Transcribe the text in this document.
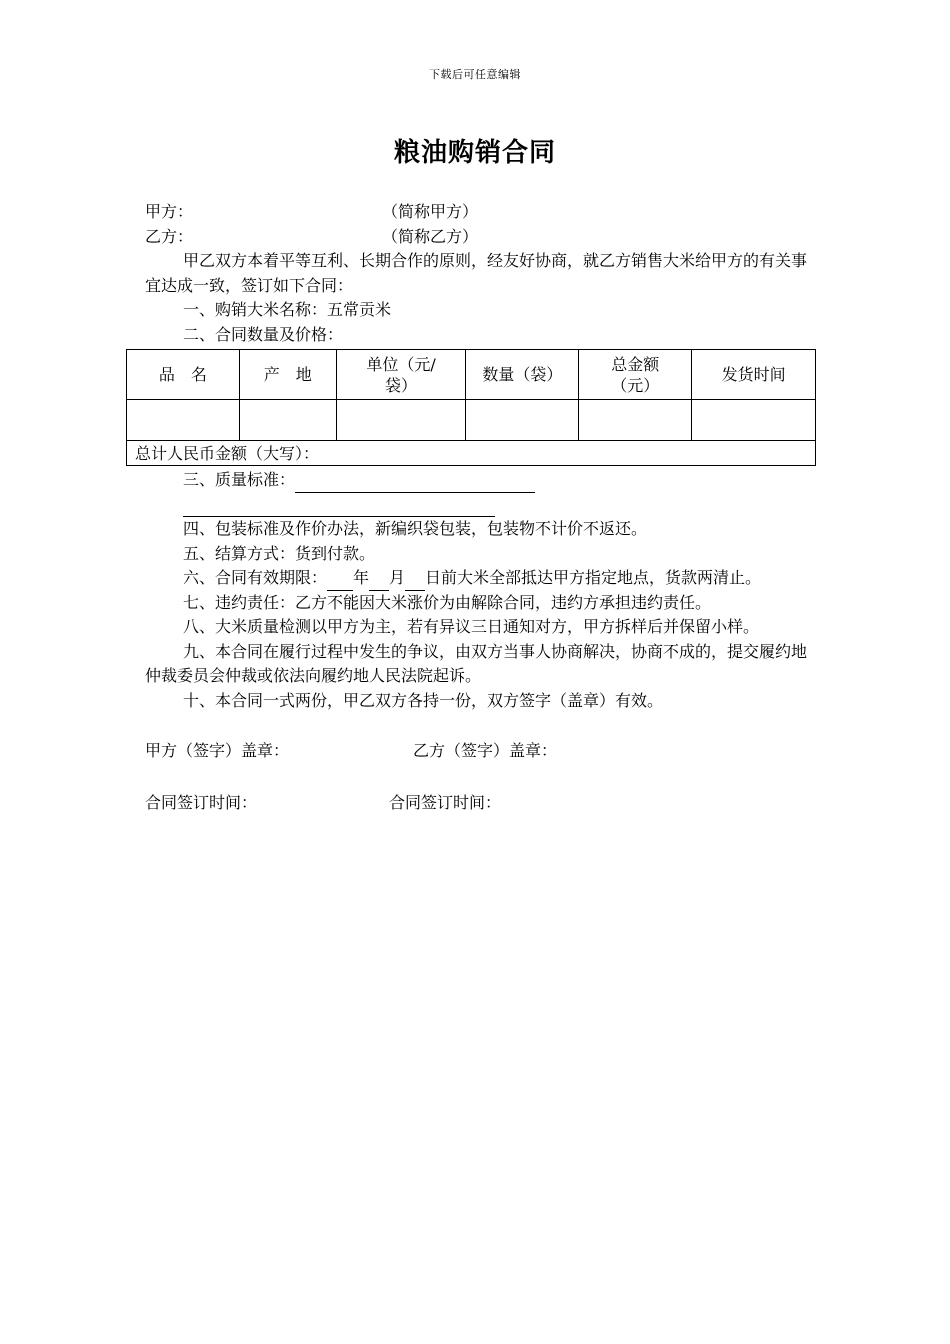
下载后可任意编辑
粮油购销合同
甲方：	（简称甲方）
乙方：	（简称乙方）
甲乙双方本着平等互利、长期合作的原则，经友好协商，就乙方销售大米给甲方的有关事宜达成一致，签订如下合同：
一、购销大米名称：五常贡米
二、合同数量及价格：
品　名	产　地	单位（元/袋）	数量（袋）	总金额（元）	发货时间

总计人民币金额（大写）：					
三、质量标准：
四、包装标准及作价办法，新编织袋包装，包装物不计价不返还。
五、结算方式：货到付款。
六、合同有效期限： 年 月 日前大米全部抵达甲方指定地点，货款两清止。
七、违约责任：乙方不能因大米涨价为由解除合同，违约方承担违约责任。
八、大米质量检测以甲方为主，若有异议三日通知对方，甲方拆样后并保留小样。
九、本合同在履行过程中发生的争议，由双方当事人协商解决，协商不成的，提交履约地仲裁委员会仲裁或依法向履约地人民法院起诉。
十、本合同一式两份，甲乙双方各持一份，双方签字（盖章）有效。
甲方（签字）盖章：	乙方（签字）盖章：
合同签订时间：	合同签订时间：
